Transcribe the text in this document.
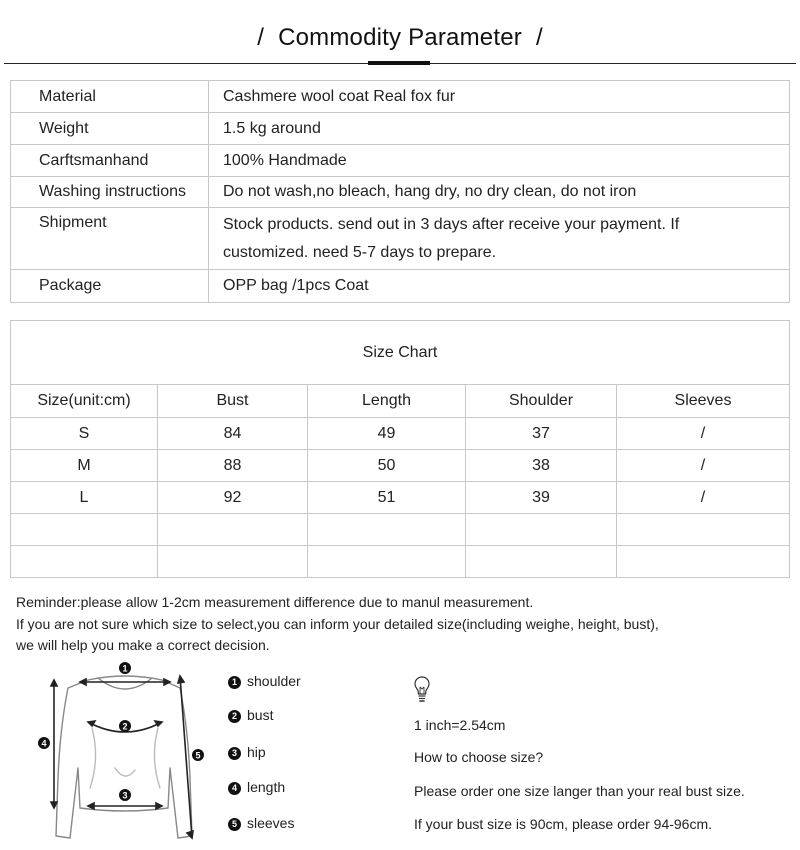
/ Commodity Parameter /
Material	Cashmere wool coat Real fox fur
Weight	1.5 kg around
Carftsmanhand	100% Handmade
Washing instructions	Do not wash,no bleach, hang dry, no dry clean, do not iron
Shipment	Stock products. send out in 3 days after receive your payment. If
customized. need 5-7 days to prepare.

Package	OPP bag /1pcs Coat
Size Chart				
Size(unit:cm)	Bust	Length	Shoulder	Sleeves
S	84	49	37	/
M	88	50	38	/
L	92	51	39	/

Reminder:please allow 1-2cm measurement difference due to manul measurement.
If you are not sure which size to select,you can inform your detailed size(including weighe, height, bust),
we will help you make a correct decision.
1
2
3
4
5
1 shoulder
2 bust
3 hip
4 length
5 sleeves
1 inch=2.54cm
How to choose size?
Please order one size langer than your real bust size.
If your bust size is 90cm, please order 94-96cm.
